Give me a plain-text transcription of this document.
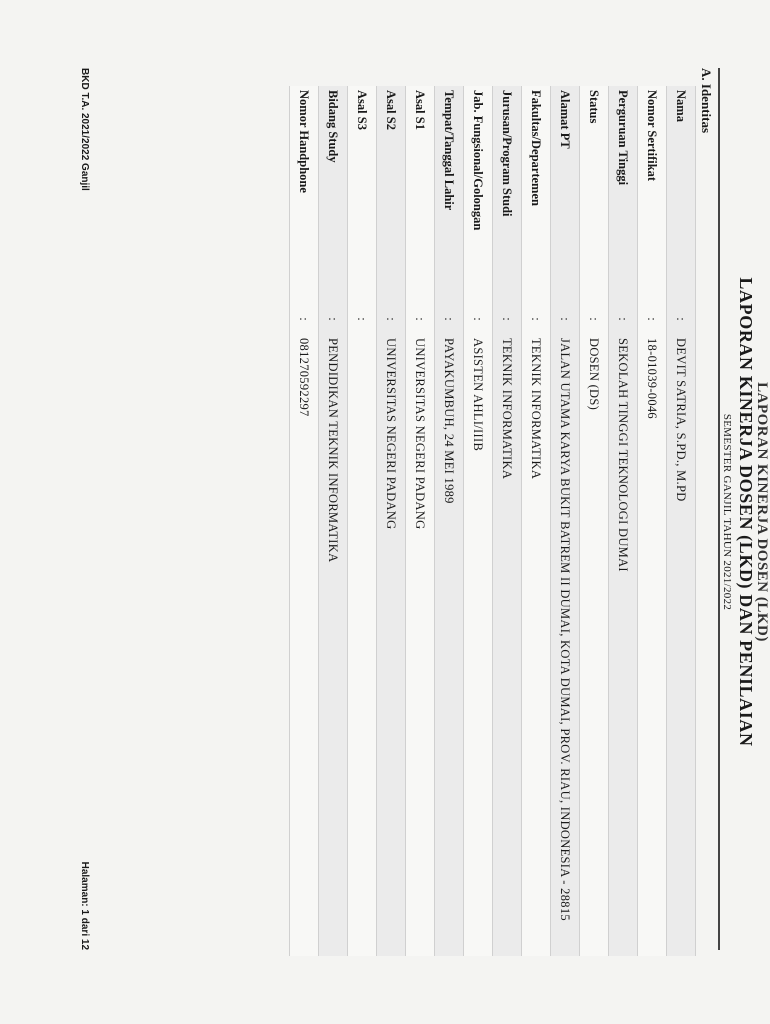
LAPORAN KINERJA DOSEN (LKD)
LAPORAN KINERJA DOSEN (LKD) DAN PENILAIAN
SEMESTER GANJIL TAHUN 2021/2022
A. Identitas
Nama	:	DEVIT SATRIA, S.PD., M.PD
Nomor Sertifikat	:	18-01039-0046
Perguruan Tinggi	:	SEKOLAH TINGGI TEKNOLOGI DUMAI
Status	:	DOSEN (DS)
Alamat PT	:	JALAN UTAMA KARYA BUKIT BATREM II DUMAI, KOTA DUMAI, PROV. RIAU, INDONESIA - 28815
Fakultas/Departemen	:	TEKNIK INFORMATIKA
Jurusan/Program Studi	:	TEKNIK INFORMATIKA
Jab. Fungsional/Golongan	:	ASISTEN AHLI/IIIB
Tempat/Tanggal Lahir	:	PAYAKUMBUH, 24 MEI 1989
Asal S1	:	UNIVERSITAS NEGERI PADANG
Asal S2	:	UNIVERSITAS NEGERI PADANG
Asal S3	:	
Bidang Study	:	PENDIDIKAN TEKNIK INFORMATIKA
Nomor Handphone	:	081270592297
BKD T.A. 2021/2022 Ganjil
Halaman: 1 dari 12
